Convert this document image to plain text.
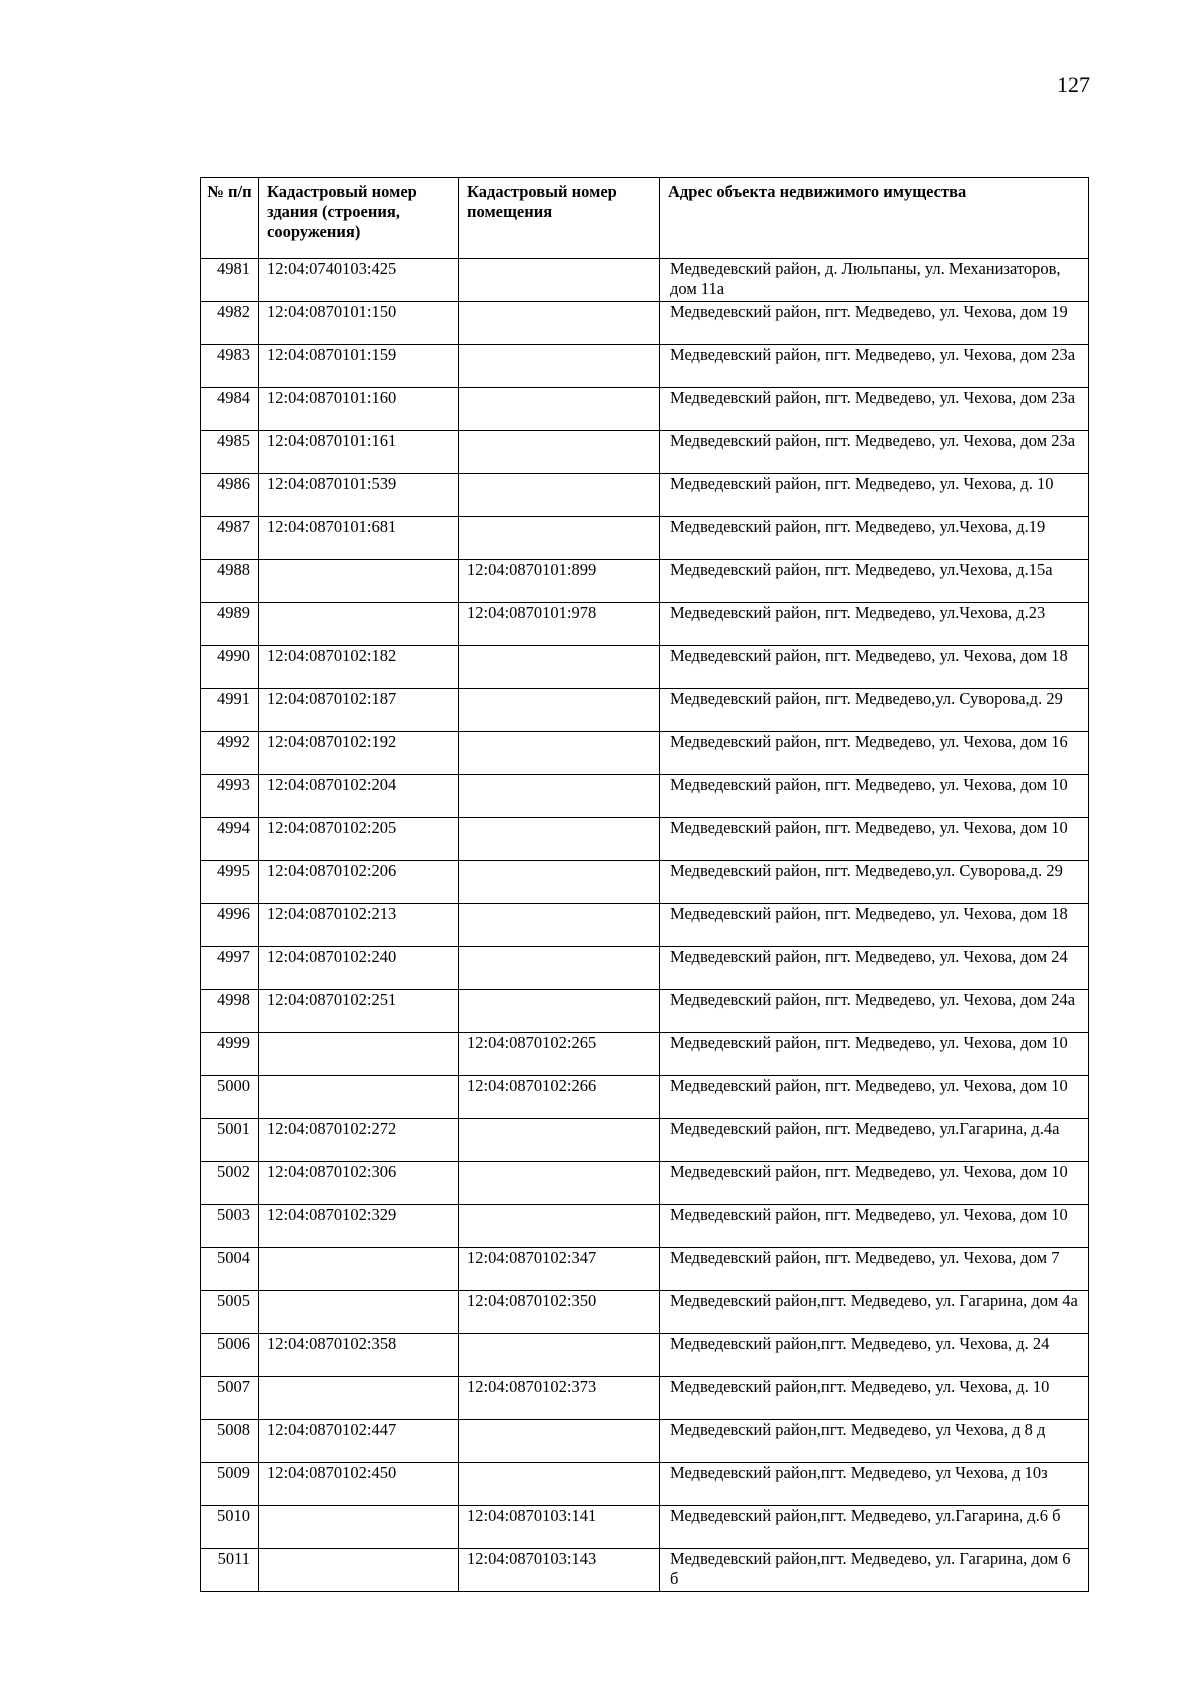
127
№ п/п	Кадастровый номер здания (строения, сооружения)	Кадастровый номер помещения	Адрес объекта недвижимого имущества
4981	12:04:0740103:425		Медведевский район, д. Люльпаны, ул. Механизаторов, дом 11а
4982	12:04:0870101:150		Медведевский район, пгт. Медведево, ул. Чехова, дом 19
4983	12:04:0870101:159		Медведевский район, пгт. Медведево, ул. Чехова, дом 23а
4984	12:04:0870101:160		Медведевский район, пгт. Медведево, ул. Чехова, дом 23а
4985	12:04:0870101:161		Медведевский район, пгт. Медведево, ул. Чехова, дом 23а
4986	12:04:0870101:539		Медведевский район, пгт. Медведево, ул. Чехова, д. 10
4987	12:04:0870101:681		Медведевский район, пгт. Медведево, ул.Чехова, д.19
4988		12:04:0870101:899	Медведевский район, пгт. Медведево, ул.Чехова, д.15а
4989		12:04:0870101:978	Медведевский район, пгт. Медведево, ул.Чехова, д.23
4990	12:04:0870102:182		Медведевский район, пгт. Медведево, ул. Чехова, дом 18
4991	12:04:0870102:187		Медведевский район, пгт. Медведево,ул. Суворова,д. 29
4992	12:04:0870102:192		Медведевский район, пгт. Медведево, ул. Чехова, дом 16
4993	12:04:0870102:204		Медведевский район, пгт. Медведево, ул. Чехова, дом 10
4994	12:04:0870102:205		Медведевский район, пгт. Медведево, ул. Чехова, дом 10
4995	12:04:0870102:206		Медведевский район, пгт. Медведево,ул. Суворова,д. 29
4996	12:04:0870102:213		Медведевский район, пгт. Медведево, ул. Чехова, дом 18
4997	12:04:0870102:240		Медведевский район, пгт. Медведево, ул. Чехова, дом 24
4998	12:04:0870102:251		Медведевский район, пгт. Медведево, ул. Чехова, дом 24а
4999		12:04:0870102:265	Медведевский район, пгт. Медведево, ул. Чехова, дом 10
5000		12:04:0870102:266	Медведевский район, пгт. Медведево, ул. Чехова, дом 10
5001	12:04:0870102:272		Медведевский район, пгт. Медведево, ул.Гагарина, д.4а
5002	12:04:0870102:306		Медведевский район, пгт. Медведево, ул. Чехова, дом 10
5003	12:04:0870102:329		Медведевский район, пгт. Медведево, ул. Чехова, дом 10
5004		12:04:0870102:347	Медведевский район, пгт. Медведево, ул. Чехова, дом 7
5005		12:04:0870102:350	Медведевский район,пгт. Медведево, ул. Гагарина, дом 4а
5006	12:04:0870102:358		Медведевский район,пгт. Медведево, ул. Чехова, д. 24
5007		12:04:0870102:373	Медведевский район,пгт. Медведево, ул. Чехова, д. 10
5008	12:04:0870102:447		Медведевский район,пгт. Медведево, ул Чехова, д 8 д
5009	12:04:0870102:450		Медведевский район,пгт. Медведево, ул Чехова, д 10з
5010		12:04:0870103:141	Медведевский район,пгт. Медведево, ул.Гагарина, д.6 б
5011		12:04:0870103:143	Медведевский район,пгт. Медведево, ул. Гагарина, дом 6 б
